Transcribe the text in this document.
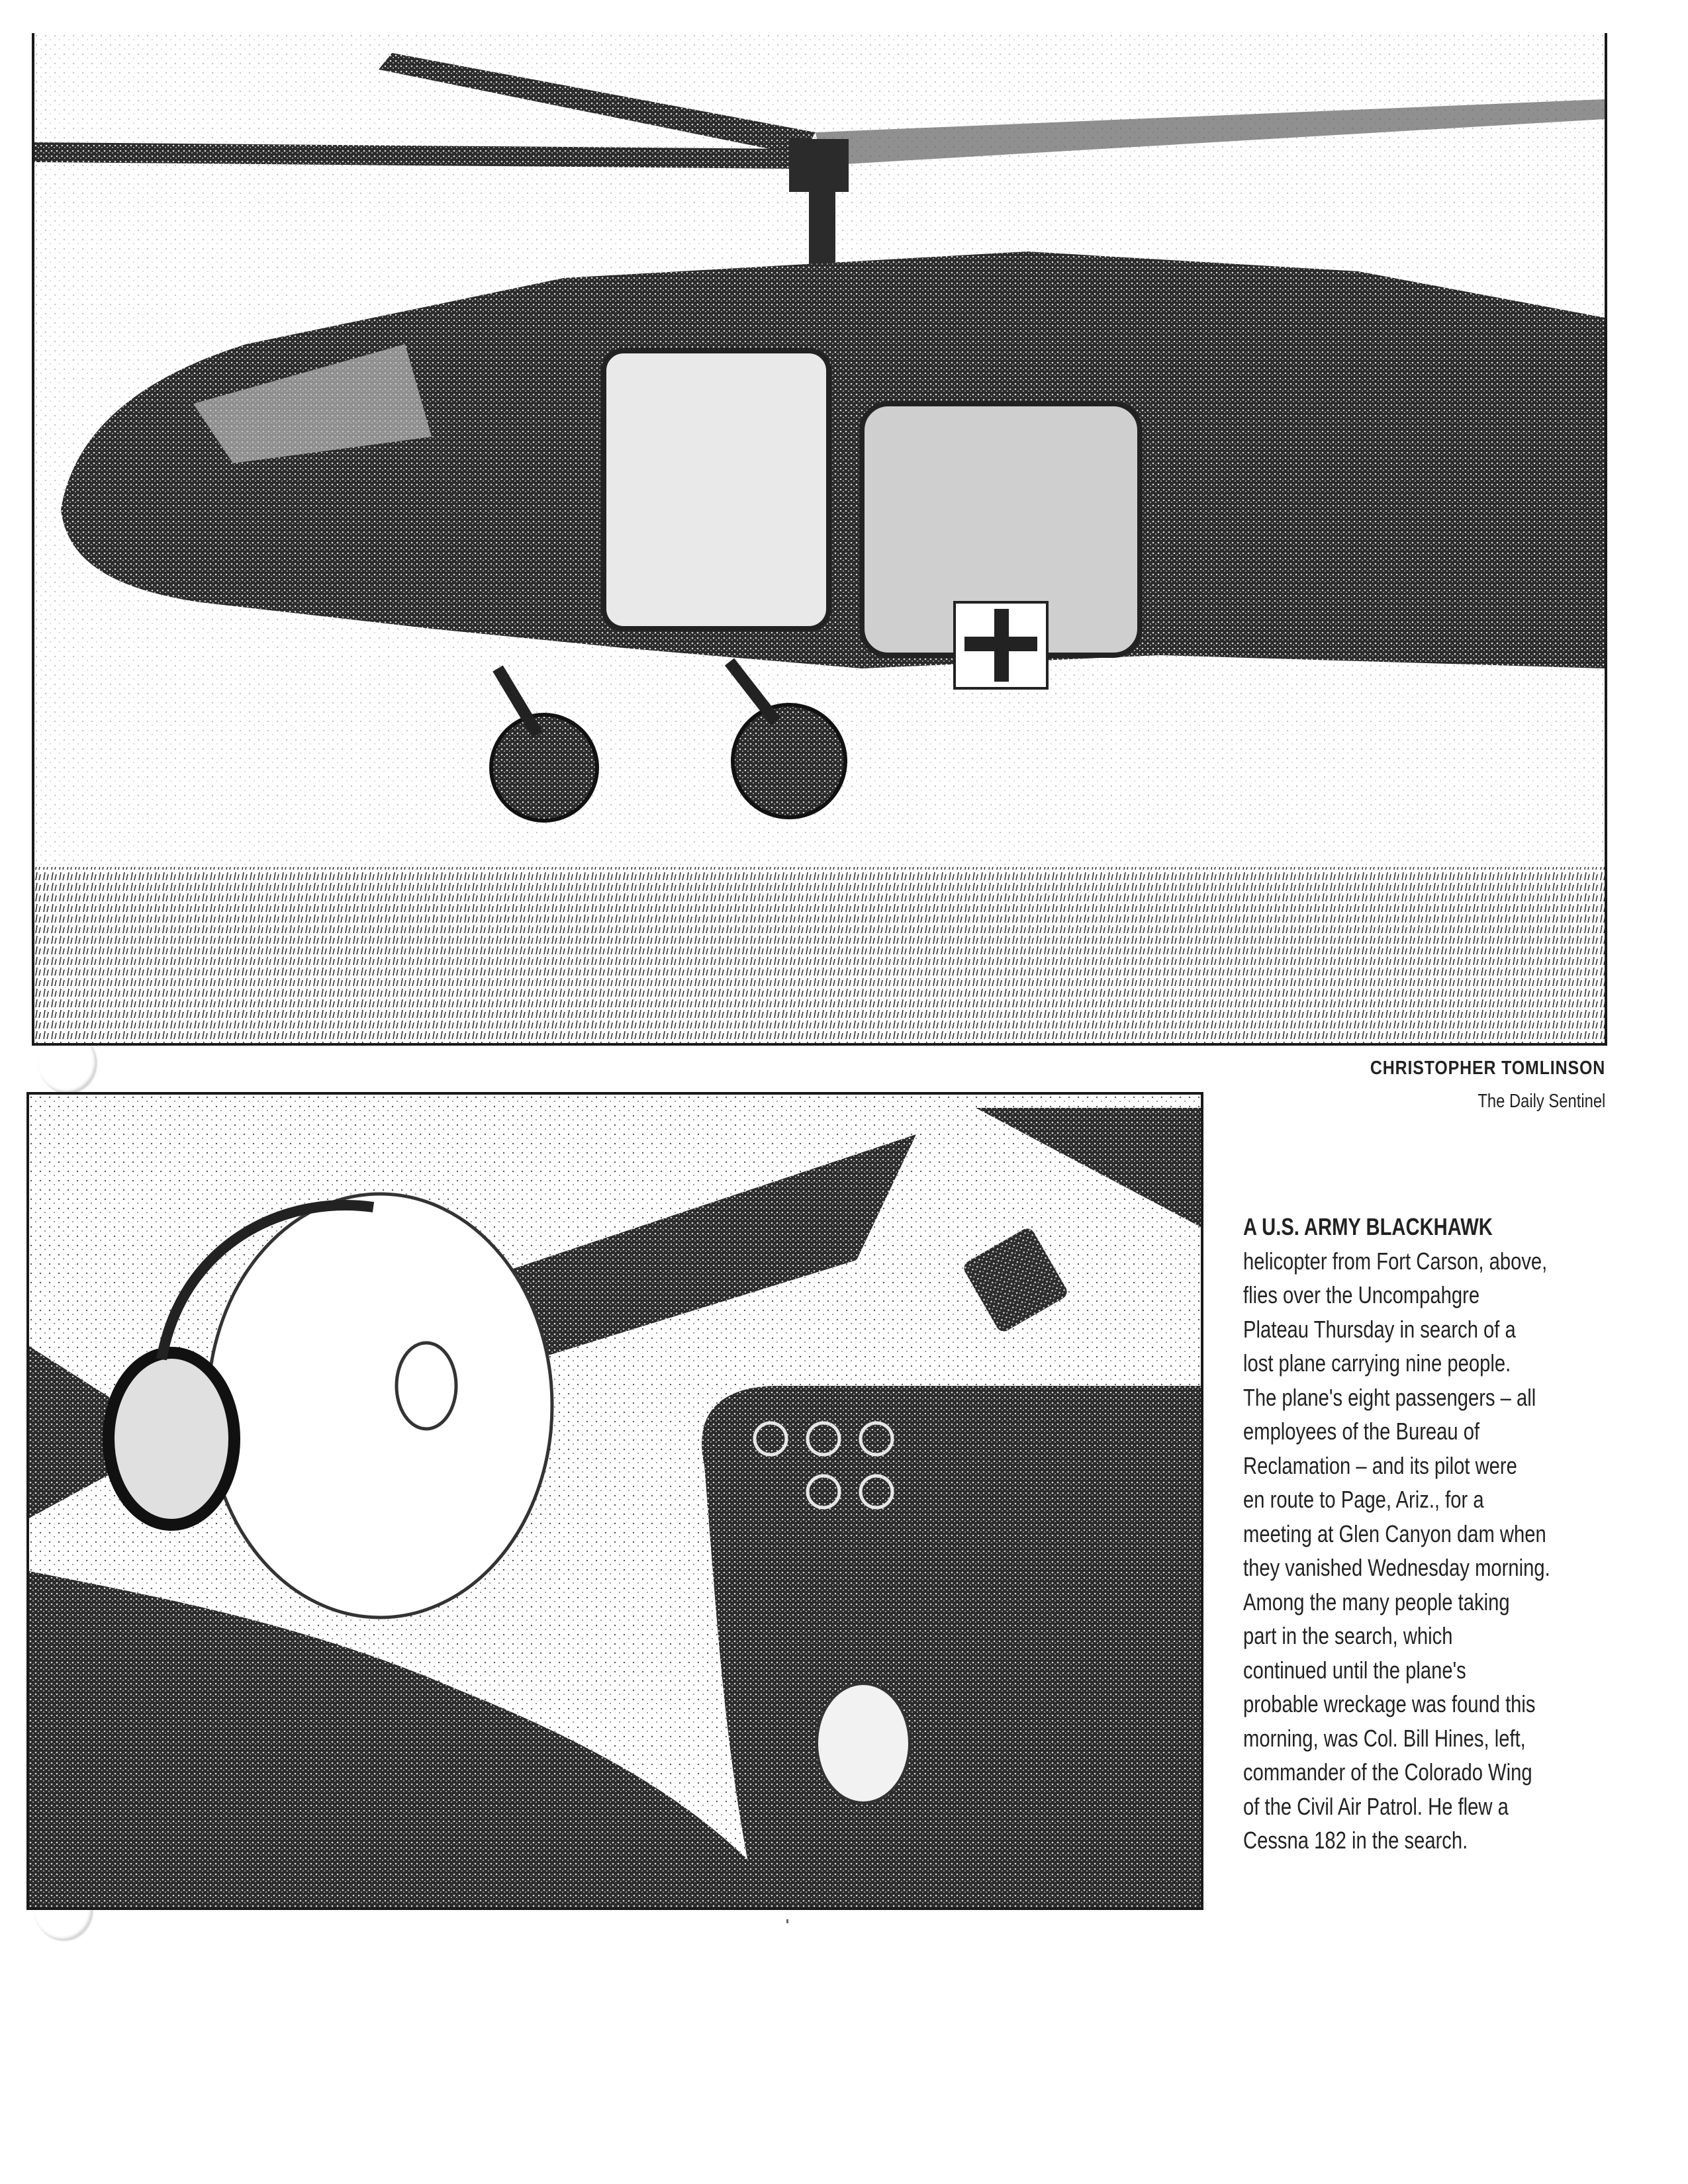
CHRISTOPHER TOMLINSON
The Daily Sentinel
A U.S. ARMY BLACKHAWK
helicopter from Fort Carson, above,
flies over the Uncompahgre
Plateau Thursday in search of a
lost plane carrying nine people.
The plane's eight passengers – all
employees of the Bureau of
Reclamation – and its pilot were
en route to Page, Ariz., for a
meeting at Glen Canyon dam when
they vanished Wednesday morning.
Among the many people taking
part in the search, which
continued until the plane's
probable wreckage was found this
morning, was Col. Bill Hines, left,
commander of the Colorado Wing
of the Civil Air Patrol. He flew a
Cessna 182 in the search.
